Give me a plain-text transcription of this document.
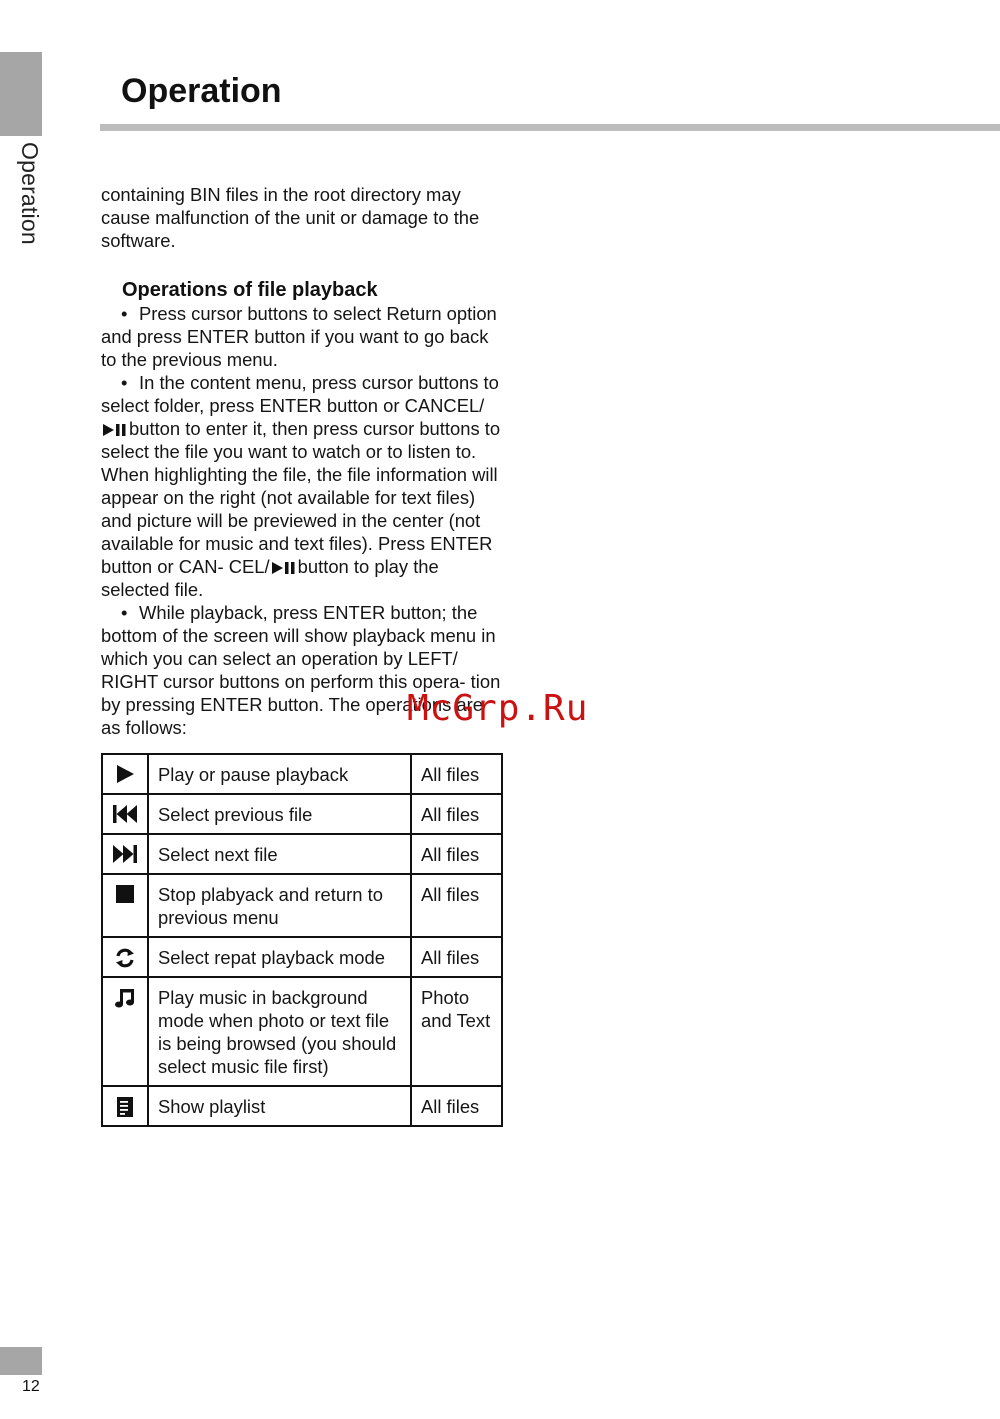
Operation
Operation

containing BIN files in the root directory may cause malfunction of the unit or damage to the software.

Operations of file playback

• Press cursor buttons to select Return option and press ENTER button if you want to go back to the previous menu.

• In the content menu, press cursor buttons to select folder, press ENTER button or CANCEL/button to enter it, then press cursor buttons to select the file you want to watch or to listen to. When highlighting the file, the file information will appear on the right (not available for text files) and picture will be previewed in the center (not available for music and text files). Press ENTER button or CAN- CEL/ button to play the selected file.

• While playback, press ENTER button; the bottom of the screen will show playback menu in which you can select an operation by LEFT/ RIGHT cursor buttons on perform this opera- tion by pressing ENTER button. The operations are as follows:

	Play or pause playback	All files

	Select previous file	All files

	Select next file	All files

	Stop plabyack and return to previous menu	All files

	Select repat playback mode	All files

	Play music in background mode when photo or text file is being browsed (you should select music file first)	Photo and Text

	Show playlist	All files
McGrp.Ru
12
